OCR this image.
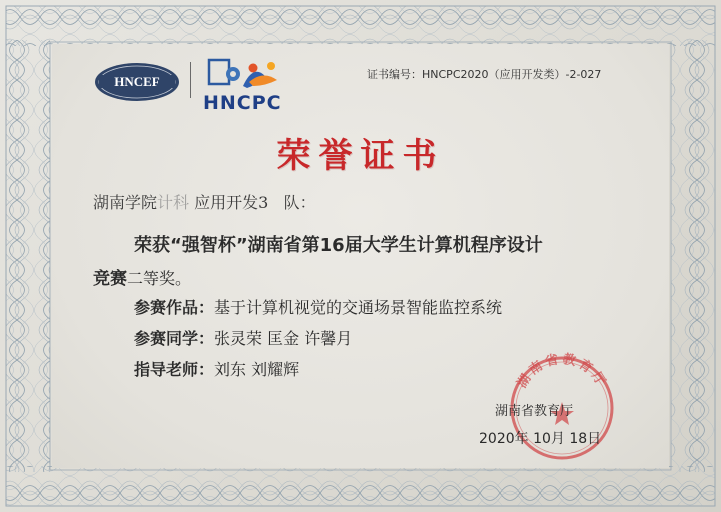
HNCEF
HNCPC
证书编号：HNCPC2020（应用开发类）-2-027
荣誉证书
湖南学院计科 应用开发3 队：
荣获“强智杯”湖南省第16届大学生计算机程序设计
竞赛二等奖。
参赛作品：基于计算机视觉的交通场景智能监控系统
参赛同学：张灵荣 匡金 许馨月
指导老师：刘东 刘耀辉	湖南省教育厅
湖南省教育厅
2020年 10月 18日
